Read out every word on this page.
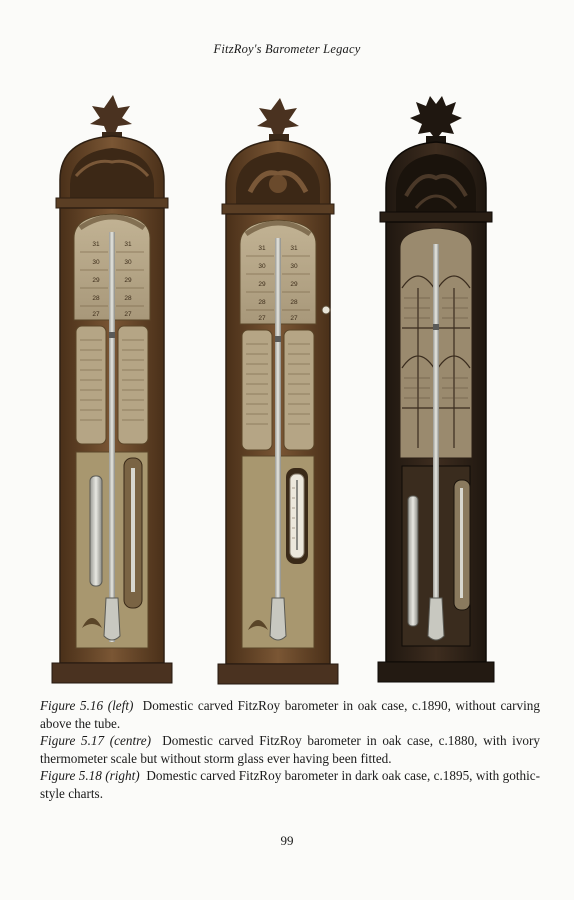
FitzRoy's Barometer Legacy
31	31
30	30
29	29
28	28
27	27
31	31
30	30
29	29
28	28
27	27

Figure 5.16 (left) Domestic carved FitzRoy barometer in oak case, c.1890, without carving above the tube.

Figure 5.17 (centre) Domestic carved FitzRoy barometer in oak case, c.1880, with ivory thermometer scale but without storm glass ever having been fitted.

Figure 5.18 (right) Domestic carved FitzRoy barometer in dark oak case, c.1895, with gothic-style charts.

99
